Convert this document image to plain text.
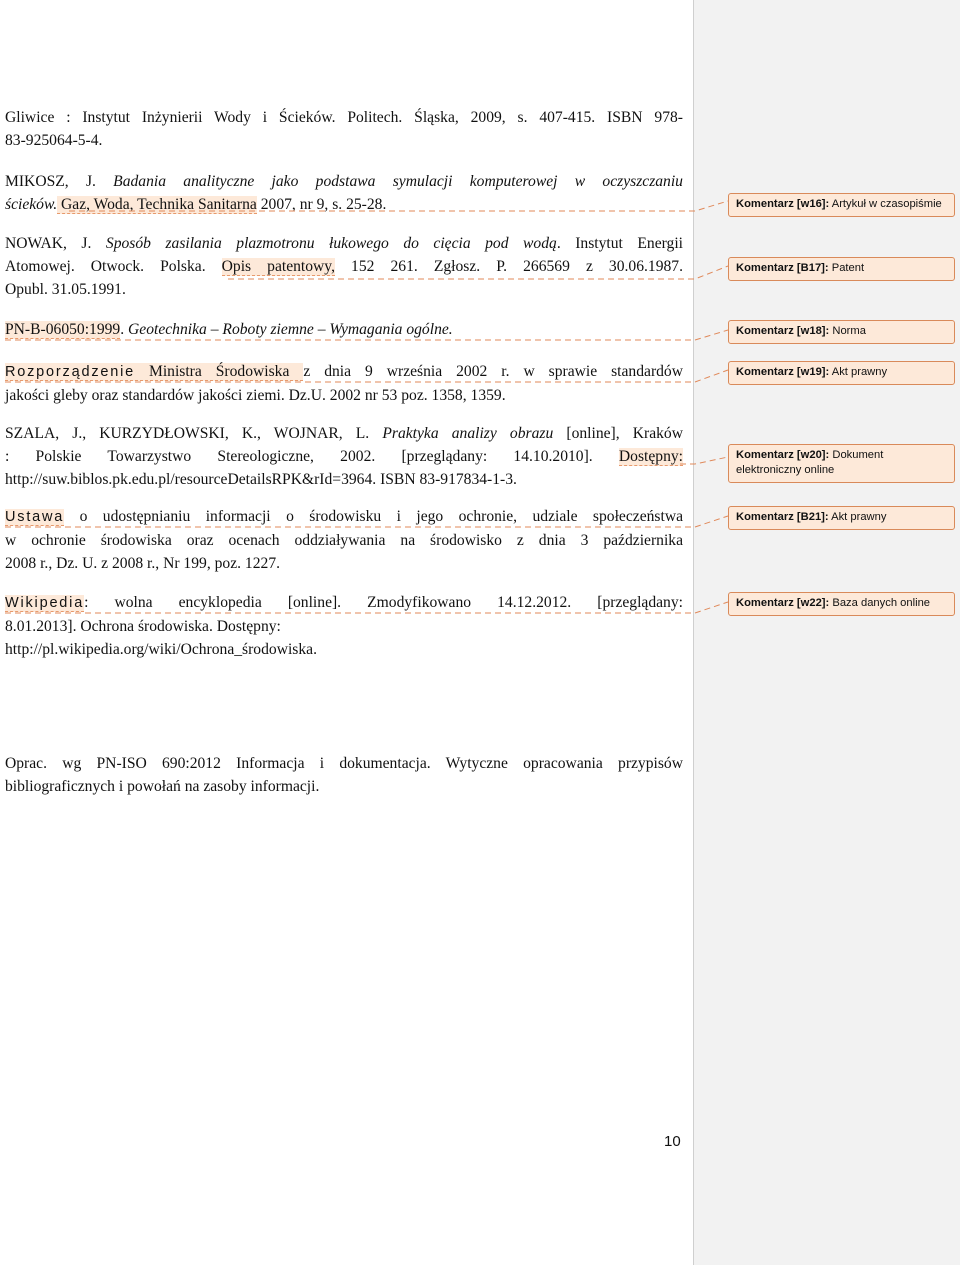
Gliwice : Instytut Inżynierii Wody i Ścieków. Politech. Śląska, 2009, s. 407-415. ISBN 978-
83-925064-5-4.
MIKOSZ, J. Badania analityczne jako podstawa symulacji komputerowej w oczyszczaniu
ścieków. Gaz, Woda, Technika Sanitarna 2007, nr 9, s. 25-28.
NOWAK, J. Sposób zasilania plazmotronu łukowego do cięcia pod wodą. Instytut Energii
Atomowej. Otwock. Polska. Opis patentowy, 152 261. Zgłosz. P. 266569 z 30.06.1987.
Opubl. 31.05.1991.
PN-B-06050:1999. Geotechnika – Roboty ziemne – Wymagania ogólne.
Rozporządzenie Ministra Środowiska z dnia 9 września 2002 r. w sprawie standardów
jakości gleby oraz standardów jakości ziemi. Dz.U. 2002 nr 53 poz. 1358, 1359.
SZALA, J., KURZYDŁOWSKI, K., WOJNAR, L. Praktyka analizy obrazu [online], Kraków
: Polskie Towarzystwo Stereologiczne, 2002. [przeglądany: 14.10.2010]. Dostępny:
http://suw.biblos.pk.edu.pl/resourceDetailsRPK&rId=3964. ISBN 83-917834-1-3.
Ustawa o udostępnianiu informacji o środowisku i jego ochronie, udziale społeczeństwa
w ochronie środowiska oraz ocenach oddziaływania na środowisko z dnia 3 października
2008 r., Dz. U. z 2008 r., Nr 199, poz. 1227.
Wikipedia: wolna encyklopedia [online]. Zmodyfikowano 14.12.2012. [przeglądany:
8.01.2013]. Ochrona środowiska. Dostępny:
http://pl.wikipedia.org/wiki/Ochrona_środowiska.
Oprac. wg PN-ISO 690:2012 Informacja i dokumentacja. Wytyczne opracowania przypisów
bibliograficznych i powołań na zasoby informacji.
10
Komentarz [w16]: Artykuł w czasopiśmie
Komentarz [B17]: Patent
Komentarz [w18]: Norma
Komentarz [w19]: Akt prawny
Komentarz [w20]: Dokument elektroniczny online
Komentarz [B21]: Akt prawny
Komentarz [w22]: Baza danych online
